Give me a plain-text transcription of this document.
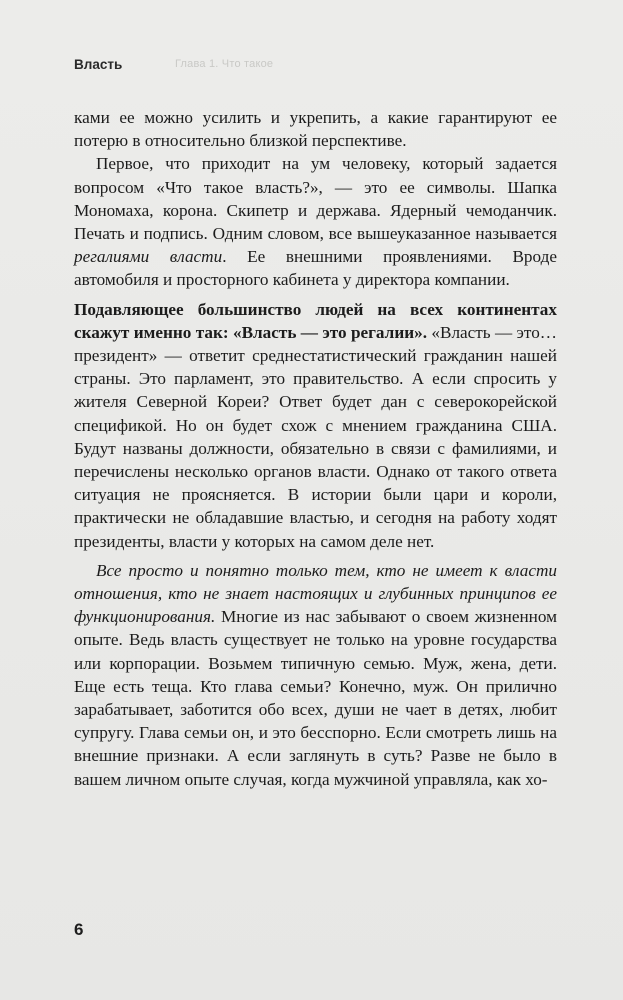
Глава 1. Что такое
Власть

ками ее можно усилить и укрепить, а какие гарантируют ее потерю в относительно близкой перспективе.

Первое, что приходит на ум человеку, который задается вопросом «Что такое власть?», — это ее символы. Шапка Мономаха, корона. Скипетр и держава. Ядерный чемоданчик. Печать и подпись. Одним словом, все вышеуказанное называется регалиями власти. Ее внешними проявлениями. Вроде автомобиля и просторного кабинета у директора компании.

Подавляющее большинство людей на всех континентах скажут именно так: «Власть — это регалии». «Власть — это… президент» — ответит среднестатистический гражданин нашей страны. Это парламент, это правительство. А если спросить у жителя Северной Кореи? Ответ будет дан с северокорейской спецификой. Но он будет схож с мнением гражданина США. Будут названы должности, обязательно в связи с фамилиями, и перечислены несколько органов власти. Однако от такого ответа ситуация не проясняется. В истории были цари и короли, практически не обладавшие властью, и сегодня на работу ходят президенты, власти у которых на самом деле нет.

Все просто и понятно только тем, кто не имеет к власти отношения, кто не знает настоящих и глубинных принципов ее функционирования. Многие из нас забывают о своем жизненном опыте. Ведь власть существует не только на уровне государства или корпорации. Возьмем типичную семью. Муж, жена, дети. Еще есть теща. Кто глава семьи? Конечно, муж. Он прилично зарабатывает, заботится обо всех, души не чает в детях, любит супругу. Глава семьи он, и это бесспорно. Если смотреть лишь на внешние признаки. А если заглянуть в суть? Разве не было в вашем личном опыте случая, когда мужчиной управляла, как хо-

6
